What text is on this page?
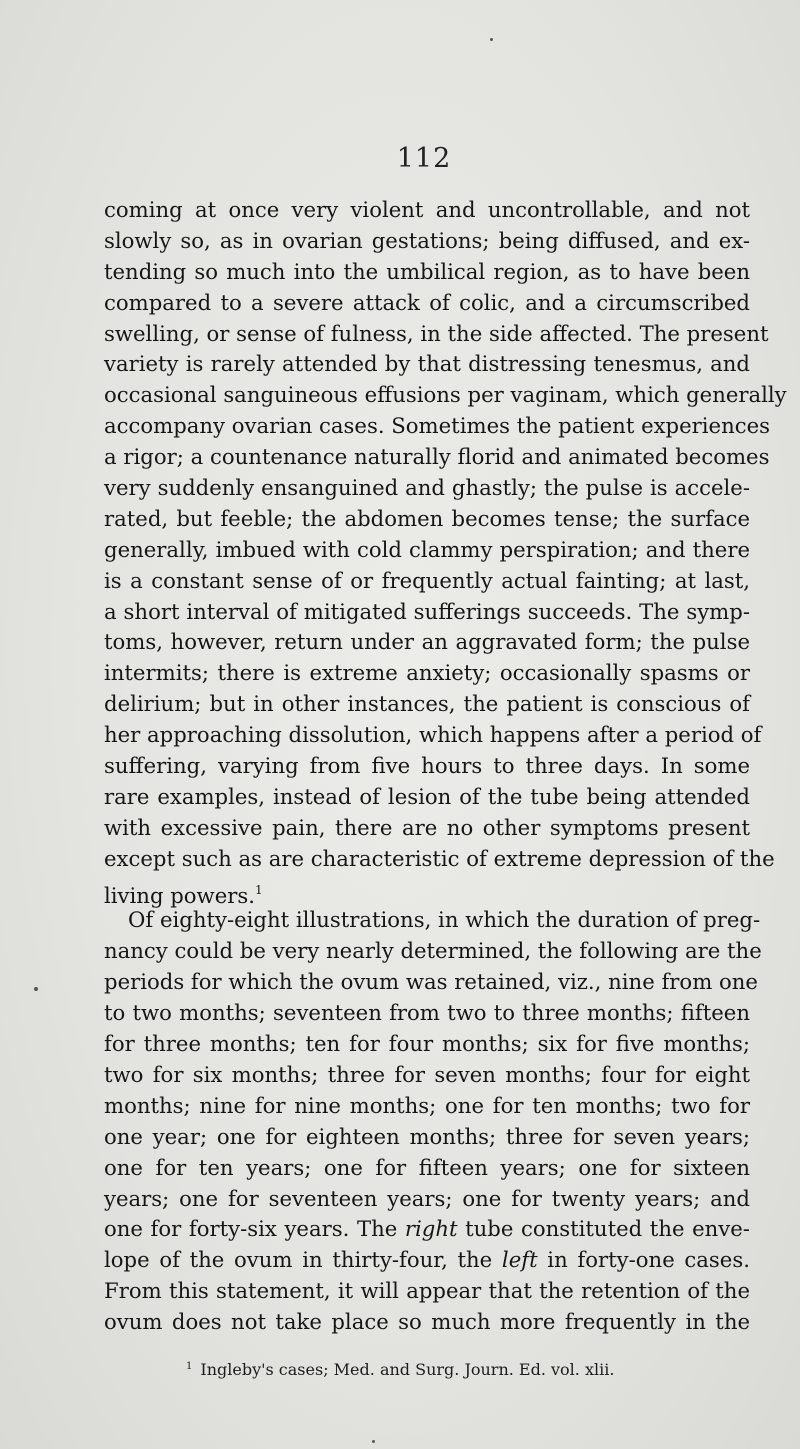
112
coming at once very violent and uncontrollable, and not
slowly so, as in ovarian gestations; being diffused, and ex-
tending so much into the umbilical region, as to have been
compared to a severe attack of colic, and a circumscribed
swelling, or sense of fulness, in the side affected. The present
variety is rarely attended by that distressing tenesmus, and
occasional sanguineous effusions per vaginam, which generally
accompany ovarian cases. Sometimes the patient experiences
a rigor; a countenance naturally florid and animated becomes
very suddenly ensanguined and ghastly; the pulse is accele-
rated, but feeble; the abdomen becomes tense; the surface
generally, imbued with cold clammy perspiration; and there
is a constant sense of or frequently actual fainting; at last,
a short interval of mitigated sufferings succeeds. The symp-
toms, however, return under an aggravated form; the pulse
intermits; there is extreme anxiety; occasionally spasms or
delirium; but in other instances, the patient is conscious of
her approaching dissolution, which happens after a period of
suffering, varying from five hours to three days. In some
rare examples, instead of lesion of the tube being attended
with excessive pain, there are no other symptoms present
except such as are characteristic of extreme depression of the
living powers.$^1$
Of eighty-eight illustrations, in which the duration of preg-
nancy could be very nearly determined, the following are the
periods for which the ovum was retained, viz., nine from one
to two months; seventeen from two to three months; fifteen
for three months; ten for four months; six for five months;
two for six months; three for seven months; four for eight
months; nine for nine months; one for ten months; two for
one year; one for eighteen months; three for seven years;
one for ten years; one for fifteen years; one for sixteen
years; one for seventeen years; one for twenty years; and
one for forty-six years. The right tube constituted the enve-
lope of the ovum in thirty-four, the left in forty-one cases.
From this statement, it will appear that the retention of the
ovum does not take place so much more frequently in the
$^1$ Ingleby's cases; Med. and Surg. Journ. Ed. vol. xlii.
